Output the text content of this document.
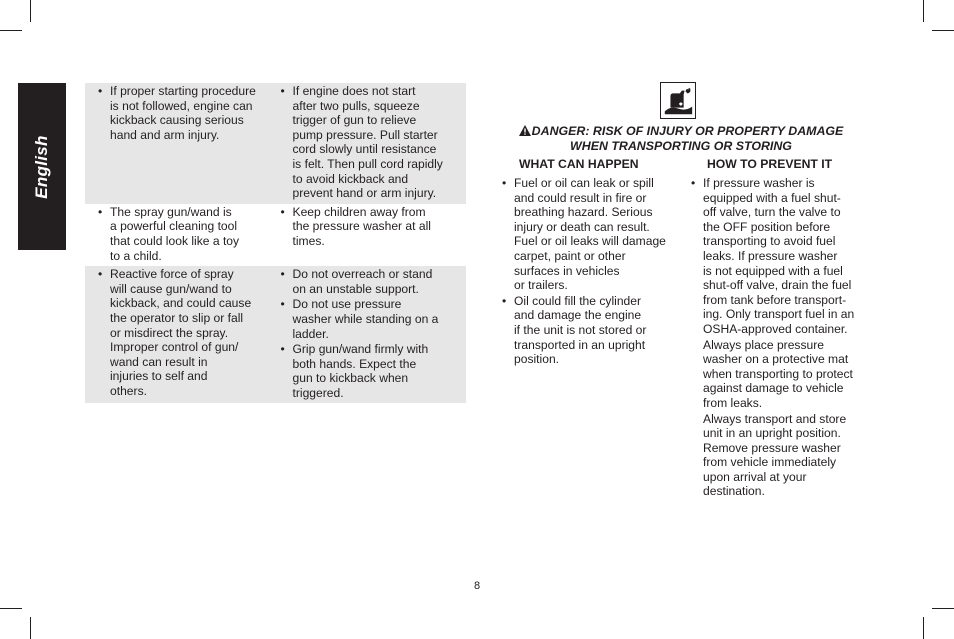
English
• If proper starting procedure
is not followed, engine can
kickback causing serious
hand and arm injury.
• If engine does not start
after two pulls, squeeze
trigger of gun to relieve
pump pressure. Pull starter
cord slowly until resistance
is felt. Then pull cord rapidly
to avoid kickback and
prevent hand or arm injury.
• The spray gun/wand is
a powerful cleaning tool
that could look like a toy
to a child.
• Keep children away from
the pressure washer at all
times.
• Reactive force of spray
will cause gun/wand to
kickback, and could cause
the operator to slip or fall
or misdirect the spray.
Improper control of gun/
wand can result in
injuries to self and
others.
• Do not overreach or stand
on an unstable support.
• Do not use pressure
washer while standing on a
ladder.
• Grip gun/wand firmly with
both hands. Expect the
gun to kickback when
triggered.
DANGER: RISK OF INJURY OR PROPERTY DAMAGE
WHEN TRANSPORTING OR STORING
WHAT CAN HAPPEN	HOW TO PREVENT IT
• Fuel or oil can leak or spill
and could result in fire or
breathing hazard. Serious
injury or death can result.
Fuel or oil leaks will damage
carpet, paint or other
surfaces in vehicles
or trailers.
• Oil could fill the cylinder
and damage the engine
if the unit is not stored or
transported in an upright
position.
• If pressure washer is
equipped with a fuel shut-
off valve, turn the valve to
the OFF position before
transporting to avoid fuel
leaks. If pressure washer
is not equipped with a fuel
shut-off valve, drain the fuel
from tank before transport-
ing. Only transport fuel in an
OSHA-approved container.

Always place pressure
washer on a protective mat
when transporting to protect
against damage to vehicle
from leaks.

Always transport and store
unit in an upright position.
Remove pressure washer
from vehicle immediately
upon arrival at your
destination.

8
